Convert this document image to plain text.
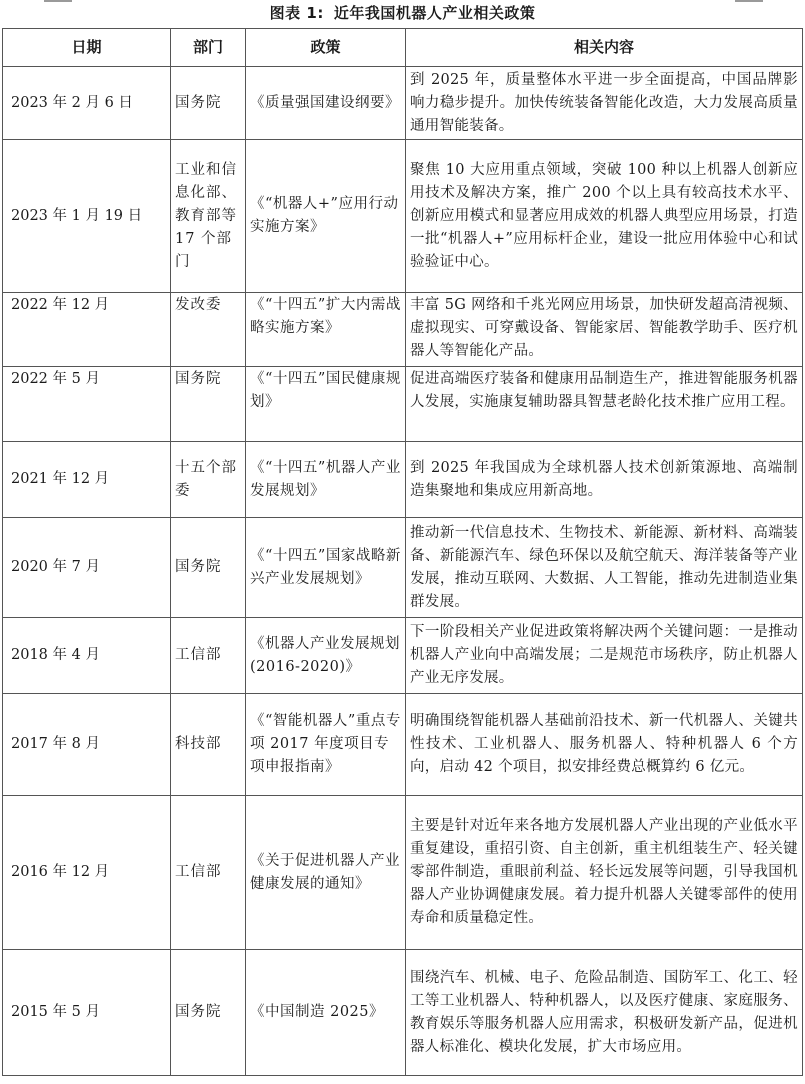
图表 1: 近年我国机器人产业相关政策
日期	部门	政策	相关内容
2023 年 2 月 6 日	国务院	《质量强国建设纲要》	到 2025 年，质量整体水平进一步全面提高，中国品牌影响力稳步提升。加快传统装备智能化改造，大力发展高质量通用智能装备。
2023 年 1 月 19 日	工业和信息化部、教育部等 17 个部门	《“机器人+”应用行动实施方案》	聚焦 10 大应用重点领域，突破 100 种以上机器人创新应用技术及解决方案，推广 200 个以上具有较高技术水平、创新应用模式和显著应用成效的机器人典型应用场景，打造一批“机器人+”应用标杆企业，建设一批应用体验中心和试验验证中心。
2022 年 12 月	发改委	《“十四五”扩大内需战略实施方案》	丰富 5G 网络和千兆光网应用场景，加快研发超高清视频、虚拟现实、可穿戴设备、智能家居、智能教学助手、医疗机器人等智能化产品。
2022 年 5 月	国务院	《“十四五”国民健康规划》	促进高端医疗装备和健康用品制造生产，推进智能服务机器人发展，实施康复辅助器具智慧老龄化技术推广应用工程。
2021 年 12 月	十五个部委	《“十四五”机器人产业发展规划》	到 2025 年我国成为全球机器人技术创新策源地、高端制造集聚地和集成应用新高地。
2020 年 7 月	国务院	《“十四五”国家战略新兴产业发展规划》	推动新一代信息技术、生物技术、新能源、新材料、高端装备、新能源汽车、绿色环保以及航空航天、海洋装备等产业发展，推动互联网、大数据、人工智能，推动先进制造业集群发展。
2018 年 4 月	工信部	《机器人产业发展规划(2016-2020)》	下一阶段相关产业促进政策将解决两个关键问题：一是推动机器人产业向中高端发展；二是规范市场秩序，防止机器人产业无序发展。
2017 年 8 月	科技部	《“智能机器人”重点专项 2017 年度项目专项申报指南》	明确围绕智能机器人基础前沿技术、新一代机器人、关键共性技术、工业机器人、服务机器人、特种机器人 6 个方向，启动 42 个项目，拟安排经费总概算约 6 亿元。
2016 年 12 月	工信部	《关于促进机器人产业健康发展的通知》	主要是针对近年来各地方发展机器人产业出现的产业低水平重复建设，重招引资、自主创新，重主机组装生产、轻关键零部件制造，重眼前利益、轻长远发展等问题，引导我国机器人产业协调健康发展。着力提升机器人关键零部件的使用寿命和质量稳定性。
2015 年 5 月	国务院	《中国制造 2025》	围绕汽车、机械、电子、危险品制造、国防军工、化工、轻工等工业机器人、特种机器人，以及医疗健康、家庭服务、教育娱乐等服务机器人应用需求，积极研发新产品，促进机器人标准化、模块化发展，扩大市场应用。
